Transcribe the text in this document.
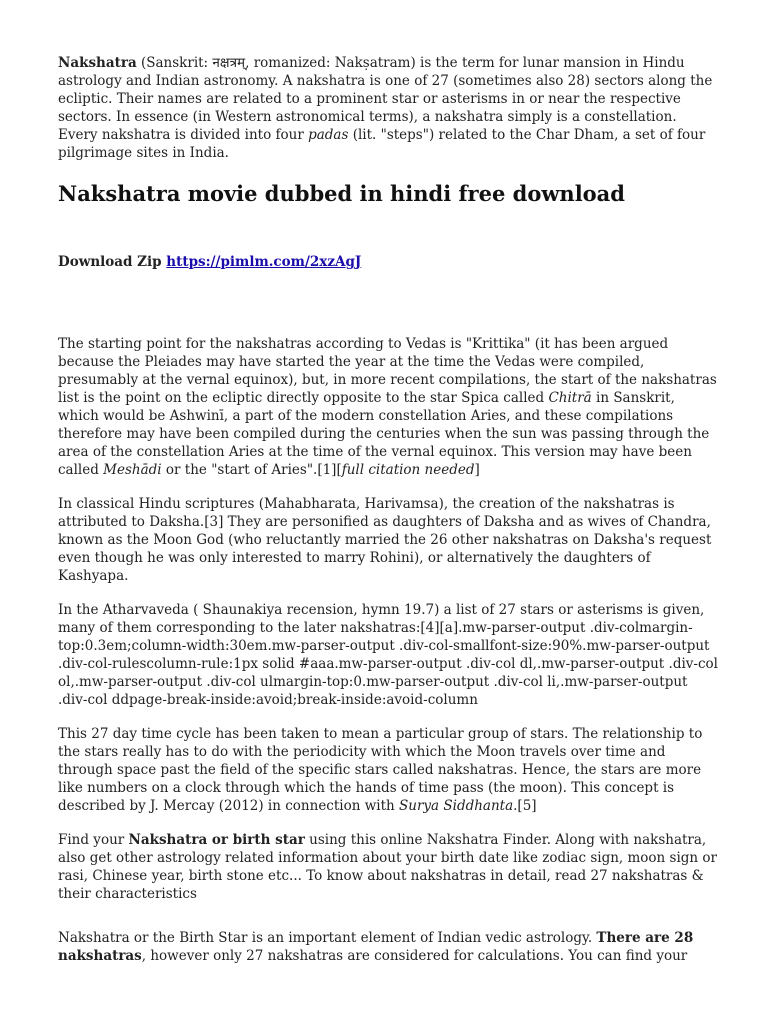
Nakshatra (Sanskrit: नक्षत्रम्, romanized: Nakṣatram) is the term for lunar mansion in Hindu astrology and Indian astronomy. A nakshatra is one of 27 (sometimes also 28) sectors along the ecliptic. Their names are related to a prominent star or asterisms in or near the respective sectors. In essence (in Western astronomical terms), a nakshatra simply is a constellation. Every nakshatra is divided into four padas (lit. "steps") related to the Char Dham, a set of four pilgrimage sites in India.

Nakshatra movie dubbed in hindi free download

Download Zip https://pimlm.com/2xzAgJ

The starting point for the nakshatras according to Vedas is "Krittika" (it has been argued because the Pleiades may have started the year at the time the Vedas were compiled, presumably at the vernal equinox), but, in more recent compilations, the start of the nakshatras list is the point on the ecliptic directly opposite to the star Spica called Chitrā in Sanskrit, which would be Ashwinī, a part of the modern constellation Aries, and these compilations therefore may have been compiled during the centuries when the sun was passing through the area of the constellation Aries at the time of the vernal equinox. This version may have been called Meshādi or the "start of Aries".[1][full citation needed]

In classical Hindu scriptures (Mahabharata, Harivamsa), the creation of the nakshatras is attributed to Daksha.[3] They are personified as daughters of Daksha and as wives of Chandra, known as the Moon God (who reluctantly married the 26 other nakshatras on Daksha's request even though he was only interested to marry Rohini), or alternatively the daughters of Kashyapa.

In the Atharvaveda ( Shaunakiya recension, hymn 19.7) a list of 27 stars or asterisms is given, many of them corresponding to the later nakshatras:[4][a].mw-parser-output .div-colmargin-top:0.3em;column-width:30em.mw-parser-output .div-col-smallfont-size:90%.mw-parser-output .div-col-rulescolumn-rule:1px solid #aaa.mw-parser-output .div-col dl,.mw-parser-output .div-col ol,.mw-parser-output .div-col ulmargin-top:0.mw-parser-output .div-col li,.mw-parser-output .div-col ddpage-break-inside:avoid;break-inside:avoid-column

This 27 day time cycle has been taken to mean a particular group of stars. The relationship to the stars really has to do with the periodicity with which the Moon travels over time and through space past the field of the specific stars called nakshatras. Hence, the stars are more like numbers on a clock through which the hands of time pass (the moon). This concept is described by J. Mercay (2012) in connection with Surya Siddhanta.[5]

Find your Nakshatra or birth star using this online Nakshatra Finder. Along with nakshatra, also get other astrology related information about your birth date like zodiac sign, moon sign or rasi, Chinese year, birth stone etc... To know about nakshatras in detail, read 27 nakshatras & their characteristics

Nakshatra or the Birth Star is an important element of Indian vedic astrology. There are 28 nakshatras, however only 27 nakshatras are considered for calculations. You can find your
